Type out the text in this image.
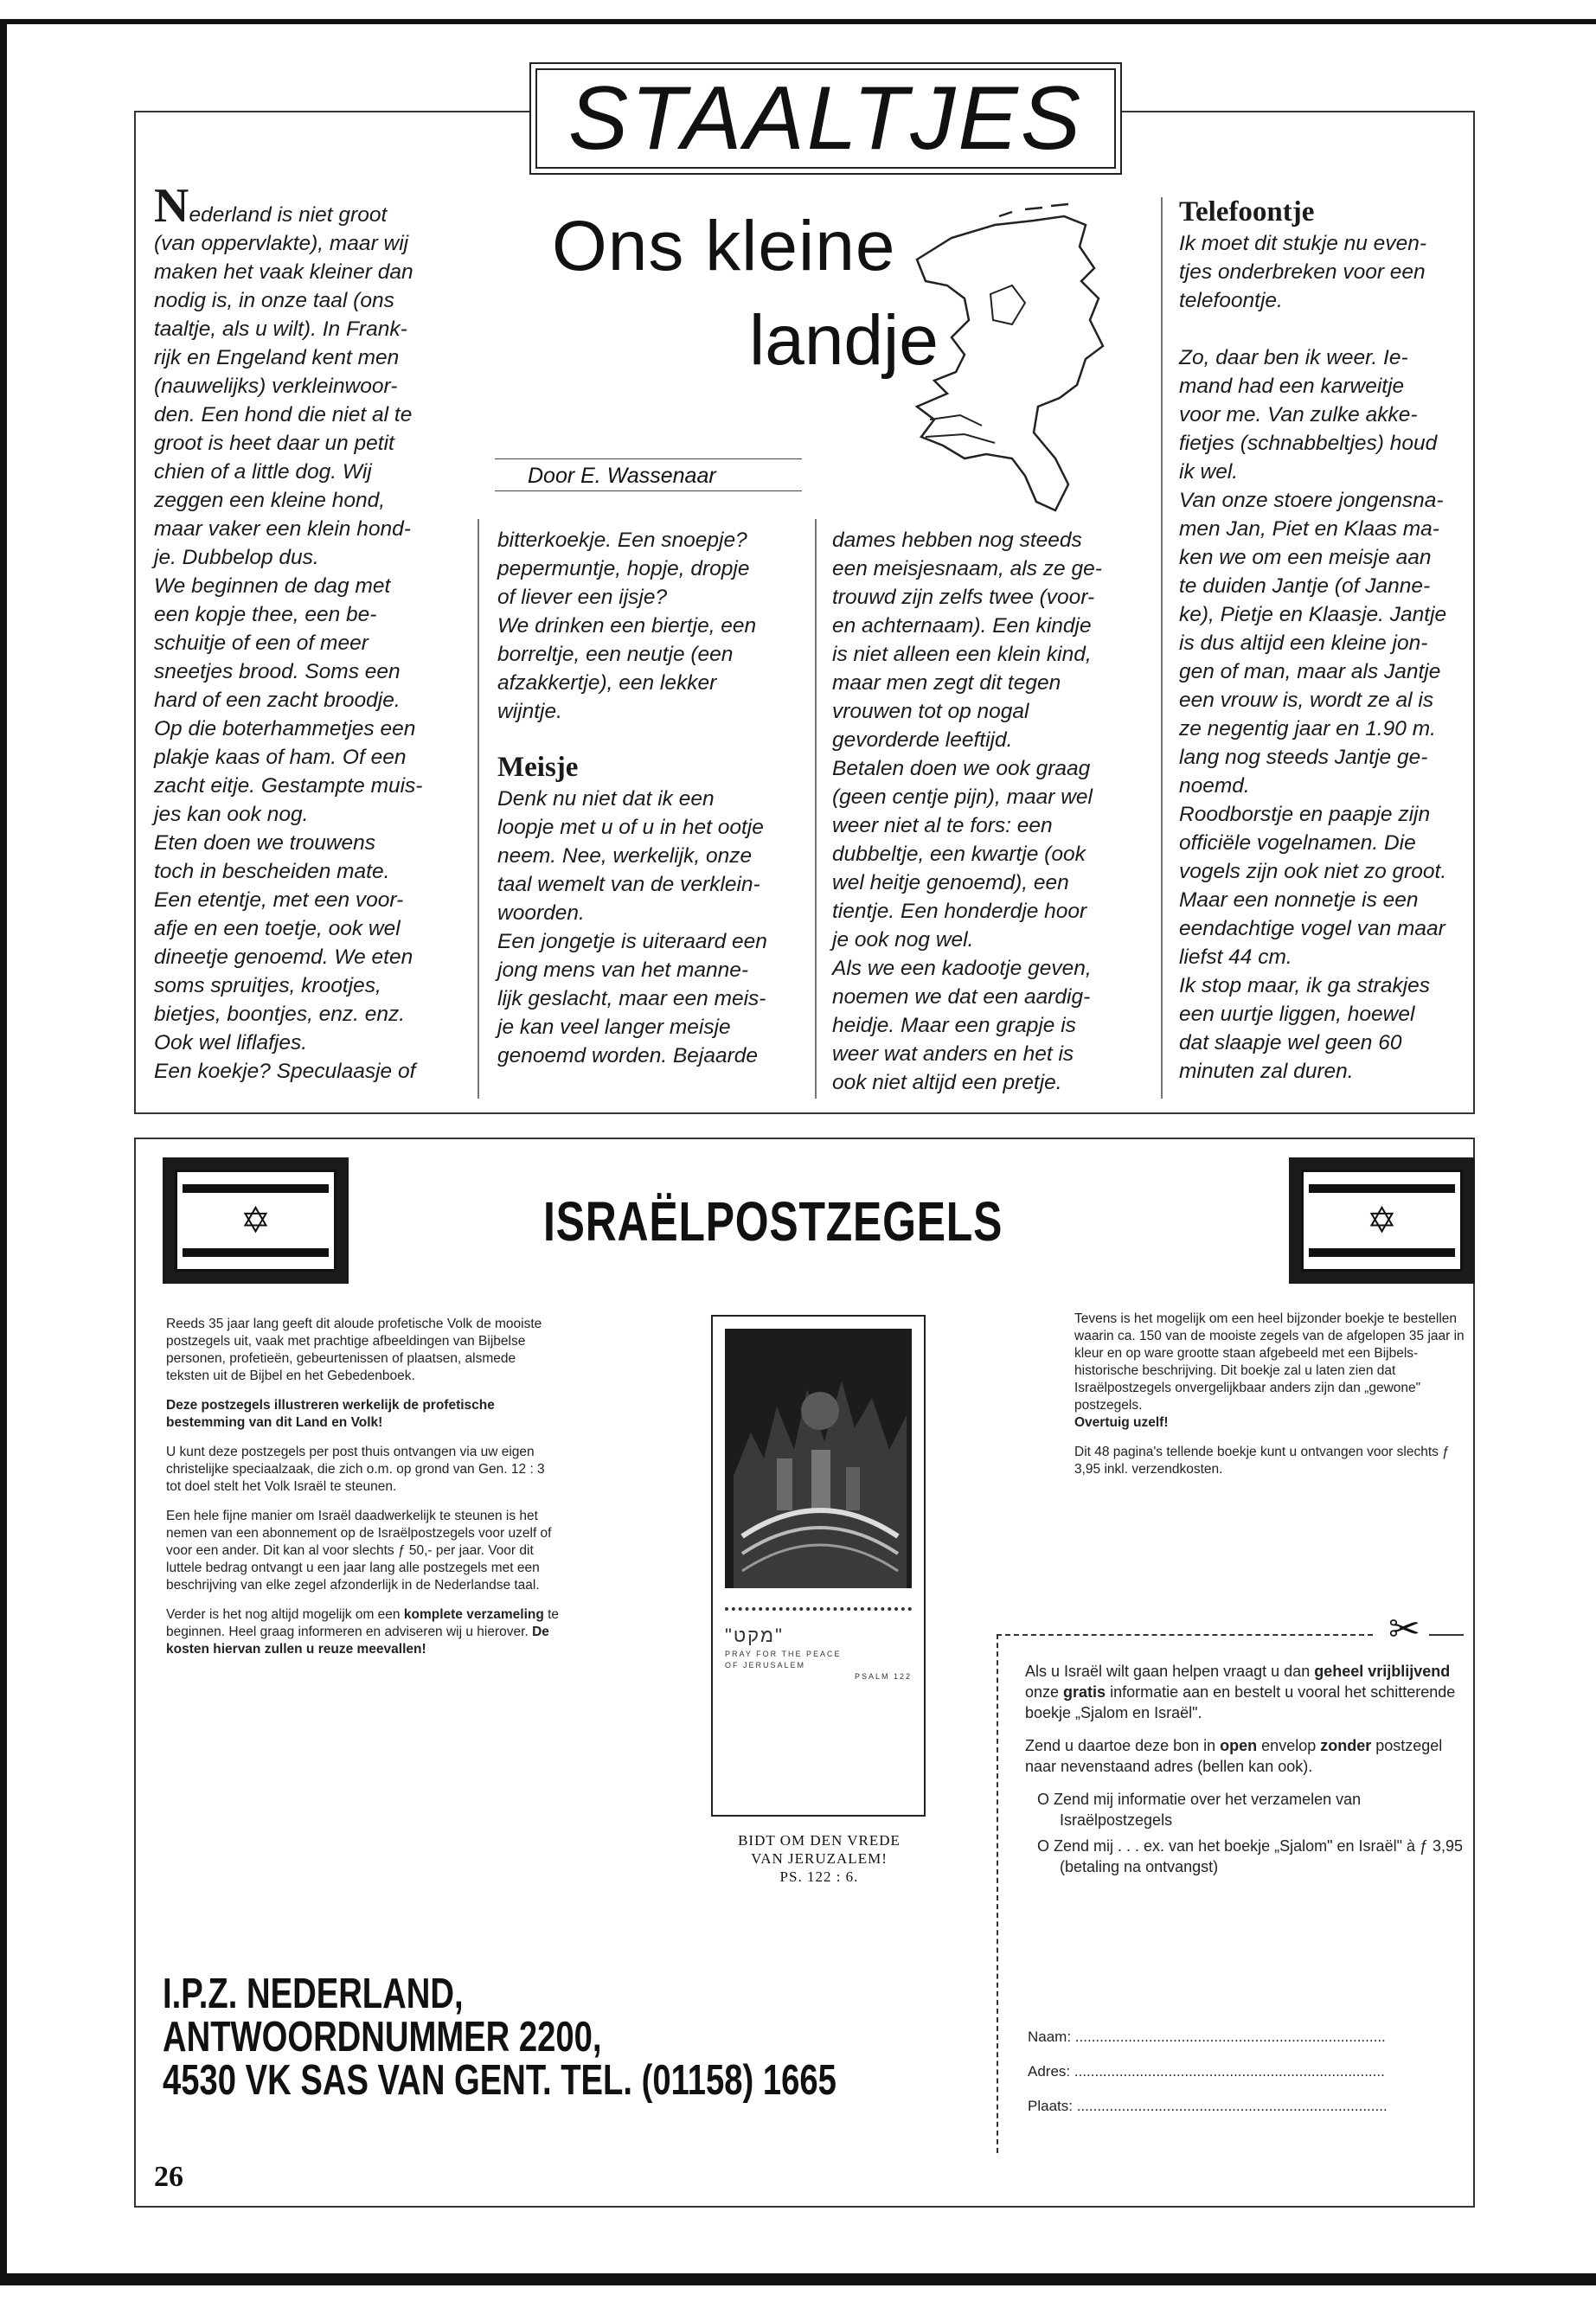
STAALTJES
Ons kleine
landje
Door E. Wassenaar

Nederland is niet groot

(van oppervlakte), maar wij

maken het vaak kleiner dan

nodig is, in onze taal (ons

taaltje, als u wilt). In Frank-

rijk en Engeland kent men

(nauwelijks) verkleinwoor-

den. Een hond die niet al te

groot is heet daar un petit

chien of a little dog. Wij

zeggen een kleine hond,

maar vaker een klein hond-

je. Dubbelop dus.

We beginnen de dag met

een kopje thee, een be-

schuitje of een of meer

sneetjes brood. Soms een

hard of een zacht broodje.

Op die boterhammetjes een

plakje kaas of ham. Of een

zacht eitje. Gestampte muis-

jes kan ook nog.

Eten doen we trouwens

toch in bescheiden mate.

Een etentje, met een voor-

afje en een toetje, ook wel

dineetje genoemd. We eten

soms spruitjes, krootjes,

bietjes, boontjes, enz. enz.

Ook wel liflafjes.

Een koekje? Speculaasje of

bitterkoekje. Een snoepje?

pepermuntje, hopje, dropje

of liever een ijsje?

We drinken een biertje, een

borreltje, een neutje (een

afzakkertje), een lekker

wijntje.

Meisje

Denk nu niet dat ik een

loopje met u of u in het ootje

neem. Nee, werkelijk, onze

taal wemelt van de verklein-

woorden.

Een jongetje is uiteraard een

jong mens van het manne-

lijk geslacht, maar een meis-

je kan veel langer meisje

genoemd worden. Bejaarde

dames hebben nog steeds

een meisjesnaam, als ze ge-

trouwd zijn zelfs twee (voor-

en achternaam). Een kindje

is niet alleen een klein kind,

maar men zegt dit tegen

vrouwen tot op nogal

gevorderde leeftijd.

Betalen doen we ook graag

(geen centje pijn), maar wel

weer niet al te fors: een

dubbeltje, een kwartje (ook

wel heitje genoemd), een

tientje. Een honderdje hoor

je ook nog wel.

Als we een kadootje geven,

noemen we dat een aardig-

heidje. Maar een grapje is

weer wat anders en het is

ook niet altijd een pretje.

Telefoontje

Ik moet dit stukje nu even-

tjes onderbreken voor een

telefoontje.

Zo, daar ben ik weer. Ie-

mand had een karweitje

voor me. Van zulke akke-

fietjes (schnabbeltjes) houd

ik wel.

Van onze stoere jongensna-

men Jan, Piet en Klaas ma-

ken we om een meisje aan

te duiden Jantje (of Janne-

ke), Pietje en Klaasje. Jantje

is dus altijd een kleine jon-

gen of man, maar als Jantje

een vrouw is, wordt ze al is

ze negentig jaar en 1.90 m.

lang nog steeds Jantje ge-

noemd.

Roodborstje en paapje zijn

officiële vogelnamen. Die

vogels zijn ook niet zo groot.

Maar een nonnetje is een

eendachtige vogel van maar

liefst 44 cm.

Ik stop maar, ik ga strakjes

een uurtje liggen, hoewel

dat slaapje wel geen 60

minuten zal duren.

✡	✡
ISRAËLPOSTZEGELS

Reeds 35 jaar lang geeft dit aloude profetische Volk de mooiste postzegels uit, vaak met prachtige afbeeldingen van Bijbelse personen, profetieën, gebeurtenissen of plaatsen, alsmede teksten uit de Bijbel en het Gebedenboek.

Deze postzegels illustreren werkelijk de profetische bestemming van dit Land en Volk!

U kunt deze postzegels per post thuis ontvangen via uw eigen christelijke speciaalzaak, die zich o.m. op grond van Gen. 12 : 3 tot doel stelt het Volk Israël te steunen.

Een hele fijne manier om Israël daadwerkelijk te steunen is het nemen van een abonnement op de Israëlpostzegels voor uzelf of voor een ander. Dit kan al voor slechts ƒ 50,- per jaar. Voor dit luttele bedrag ontvangt u een jaar lang alle postzegels met een beschrijving van elke zegel afzonderlijk in de Nederlandse taal.

Verder is het nog altijd mogelijk om een komplete verzameling te beginnen. Heel graag informeren en adviseren wij u hierover. De kosten hiervan zullen u reuze meevallen!

"מקט"
PRAY FOR THE PEACE
OF JERUSALEM
PSALM 122
BIDT OM DEN VREDE
VAN JERUZALEM!
PS. 122 : 6.

Tevens is het mogelijk om een heel bijzonder boekje te bestellen waarin ca. 150 van de mooiste zegels van de afgelopen 35 jaar in kleur en op ware grootte staan afgebeeld met een Bijbels-historische beschrijving. Dit boekje zal u laten zien dat Israëlpostzegels onvergelijkbaar anders zijn dan „gewone" postzegels.
Overtuig uzelf!

Dit 48 pagina's tellende boekje kunt u ontvangen voor slechts ƒ 3,95 inkl. verzendkosten.

✂

Als u Israël wilt gaan helpen vraagt u dan geheel vrijblijvend onze gratis informatie aan en bestelt u vooral het schitterende boekje „Sjalom en Israël".

Zend u daartoe deze bon in open envelop zonder postzegel naar nevenstaand adres (bellen kan ook).

O Zend mij informatie over het verzamelen van Israëlpostzegels

O Zend mij . . . ex. van het boekje „Sjalom" en Israël" à ƒ 3,95 (betaling na ontvangst)

Naam: ............................................................................
Adres: ............................................................................
Plaats: ............................................................................
I.P.Z. NEDERLAND,
ANTWOORDNUMMER 2200,
4530 VK SAS VAN GENT. TEL. (01158) 1665
26
